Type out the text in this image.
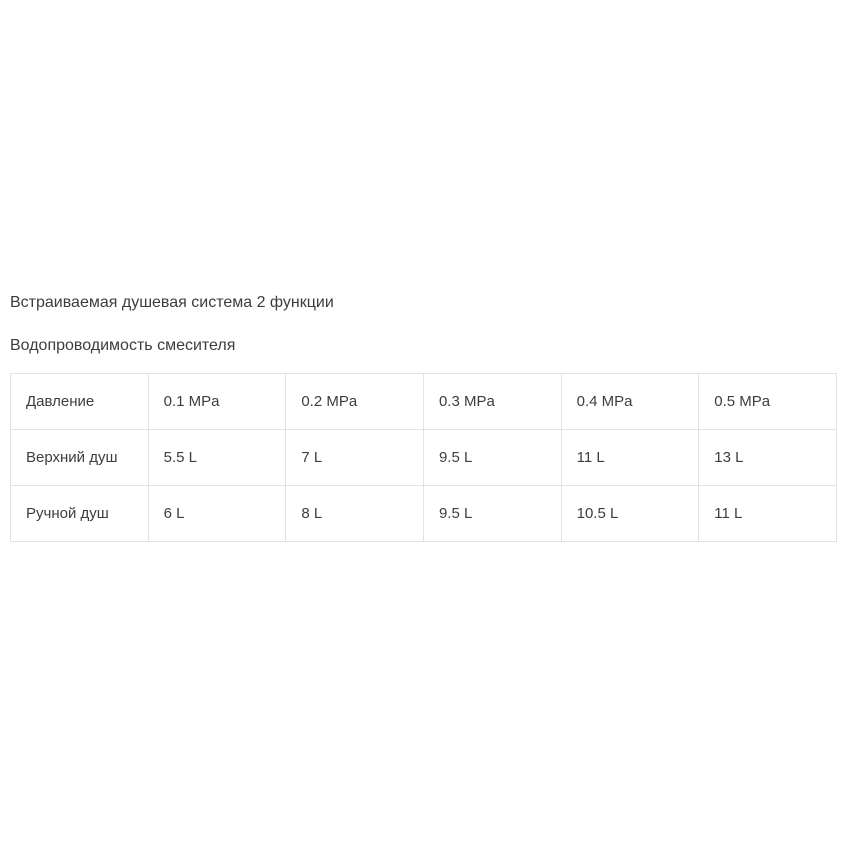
Встраиваемая душевая система 2 функции

Водопроводимость смесителя

Давление	0.1 MPa	0.2 MPa	0.3 MPa	0.4 MPa	0.5 MPa
Верхний душ	5.5 L	7 L	9.5 L	11 L	13 L
Ручной душ	6 L	8 L	9.5 L	10.5 L	11 L
